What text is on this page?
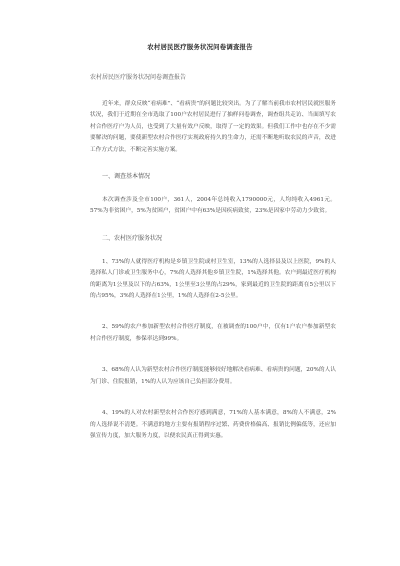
农村居民医疗服务状况问卷调查报告
农村居民医疗服务状况问卷调查报告

近年来，群众反映“看病难”、“看病贵”的问题比较突出。为了了解当前我市农村居民就医服务状况，我们于近期在全市选取了100户农村居民进行了抽样问卷调查，调查组共走访、当面填写农村合作医疗户为人员，也受到了大量有效户反映，取得了一定的效果。但我们工作中也存在不少需要解决的问题，要使新型农村合作医疗实现政府持久的生命力，还需不断地听取农民的声音，改进工作方式方法，不断完善实施方案。

一、调查基本情况

本次调查涉及全市100户，361人，2004年总纯收入1790000元，人均纯收入4961元。57%为非贫困户，5%为贫困户，贫困户中有63%是因疾病致贫，23%是因家中劳动力少致贫。

二、农村医疗服务状况

1、73%的人就得医疗机构是乡镇卫生院或村卫生室，13%的人选择县及以上医院，9%的人选择私人门诊或卫生服务中心，7%的人选择其他乡镇卫生院，1%选择其他。农户到最近医疗机构的距离为1公里及以下的占63%，1公里至3公里的占29%，家到最近的卫生院的距离在5公里以下的占95%，3%的人选择在1公里，1%的人选择在2-5公里。

2、59%的农户参加新型农村合作医疗制度，在被调查的100户中，仅有1户农户参加新型农村合作医疗制度，参保率达到99%。

3、68%的人认为新型农村合作医疗制度能够较好地解决看病难、看病贵的问题，20%的人认为门诊、住院报销，1%的人认为应该自己负担部分费用。

4、19%的人对农村新型农村合作医疗感到满意，71%的人基本满意，8%的人不满意，2%的人选择说不清楚。不满意的地方主要有报销程序过繁、药费价格偏高、报销比例偏低等，还应加强宣传力度，加大服务力度，以便农民真正得到实惠。
